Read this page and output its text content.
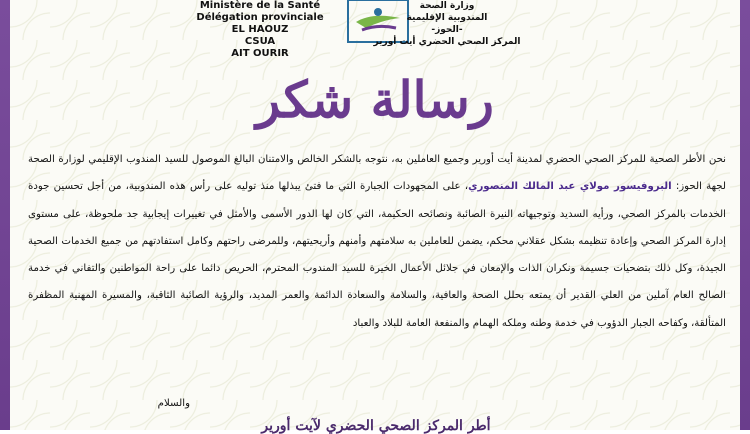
Ministère de la Santé
Délégation provinciale
EL HAOUZ
CSUA
AIT OURIR
وزارة الصحة
المندوبية الإقليمية
-الحوز-
المركز الصحي الحضري أيت أورير
رسالة شكر
نحن الأطر الصحية للمركز الصحي الحضري لمدينة أيت أورير وجميع العاملين به، نتوجه بالشكر الخالص والامتنان البالغ الموصول للسيد المندوب الإقليمي لوزارة الصحة لجهة الحوز: البروفيسور مولاي عبد المالك المنصوري، على المجهودات الجبارة التي ما فتئ يبذلها منذ توليه على رأس هذه المندوبية، من أجل تحسين جودة الخدمات بالمركز الصحي، ورأيه السديد وتوجيهاته النيرة الصائبة ونصائحه الحكيمة، التي كان لها الدور الأسمى والأمثل في تغييرات إيجابية جد ملحوظة، على مستوى إدارة المركز الصحي وإعادة تنظيمه بشكل عقلاني محكم، يضمن للعاملين به سلامتهم وأمنهم وأريحيتهم، وللمرضى راحتهم وكامل استفادتهم من جميع الخدمات الصحية الجيدة، وكل ذلك بتضحيات جسيمة ونكران الذات والإمعان في جلائل الأعمال الخيرة للسيد المندوب المحترم، الحريص دائما على راحة المواطنين والتفاني في خدمة الصالح العام آملين من العلي القدير أن يمتعه بحلل الصحة والعافية، والسلامة والسعادة الدائمة والعمر المديد، والرؤية الصائبة الثاقبة، والمسيرة المهنية المظفرة المتألقة، وكفاحه الجبار الدؤوب في خدمة وطنه وملكه الهمام والمنفعة العامة للبلاد والعباد
والسلام
أطر المركز الصحي الحضري لآيت أورير
